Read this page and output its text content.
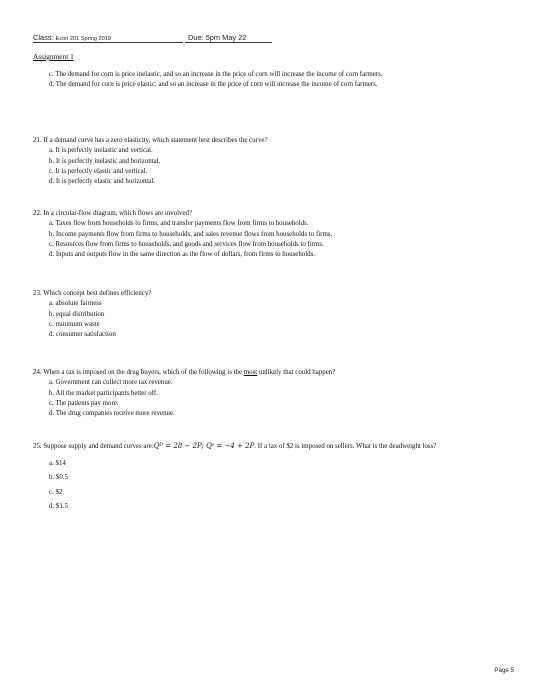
Class: Econ 201 Spring 2019	Due: 5pm May 22
Assignment 1

c. The demand for corn is price inelastic, and so an increase in the price of corn will increase the income of corn farmers.

d. The demand for corn is price elastic, and so an increase in the price of corn will increase the income of corn farmers.

21. If a demand curve has a zero elasticity, which statement best describes the curve?

a. It is perfectly inelastic and vertical.

b. It is perfectly inelastic and horizontal.

c. It is perfectly elastic and vertical.

d. It is perfectly elastic and horizontal.

22. In a circular-flow diagram, which flows are involved?

a. Taxes flow from households to firms, and transfer payments flow from firms to households.

b. Income payments flow from firms to households, and sales revenue flows from households to firms.

c. Resources flow from firms to households, and goods and services flow from households to firms.

d. Inputs and outputs flow in the same direction as the flow of dollars, from firms to households.

23. Which concept best defines efficiency?

a. absolute fairness

b. equal distribution

c. minimum waste

d. consumer satisfaction

24. When a tax is imposed on the drug buyers, which of the following is the most unlikely that could happen?

a. Government can collect more tax revenue.

b. All the market participants better off.

c. The patients pay more.

d. The drug companies receive more revenue.

25. Suppose supply and demand curves are:Qᴰ = 28 − 2P; Qˢ = −4 + 2P. If a tax of $2 is imposed on sellers. What is the deadweight loss?

a. $14

b. $0.5

c. $2

d. $1.5

Page 5
